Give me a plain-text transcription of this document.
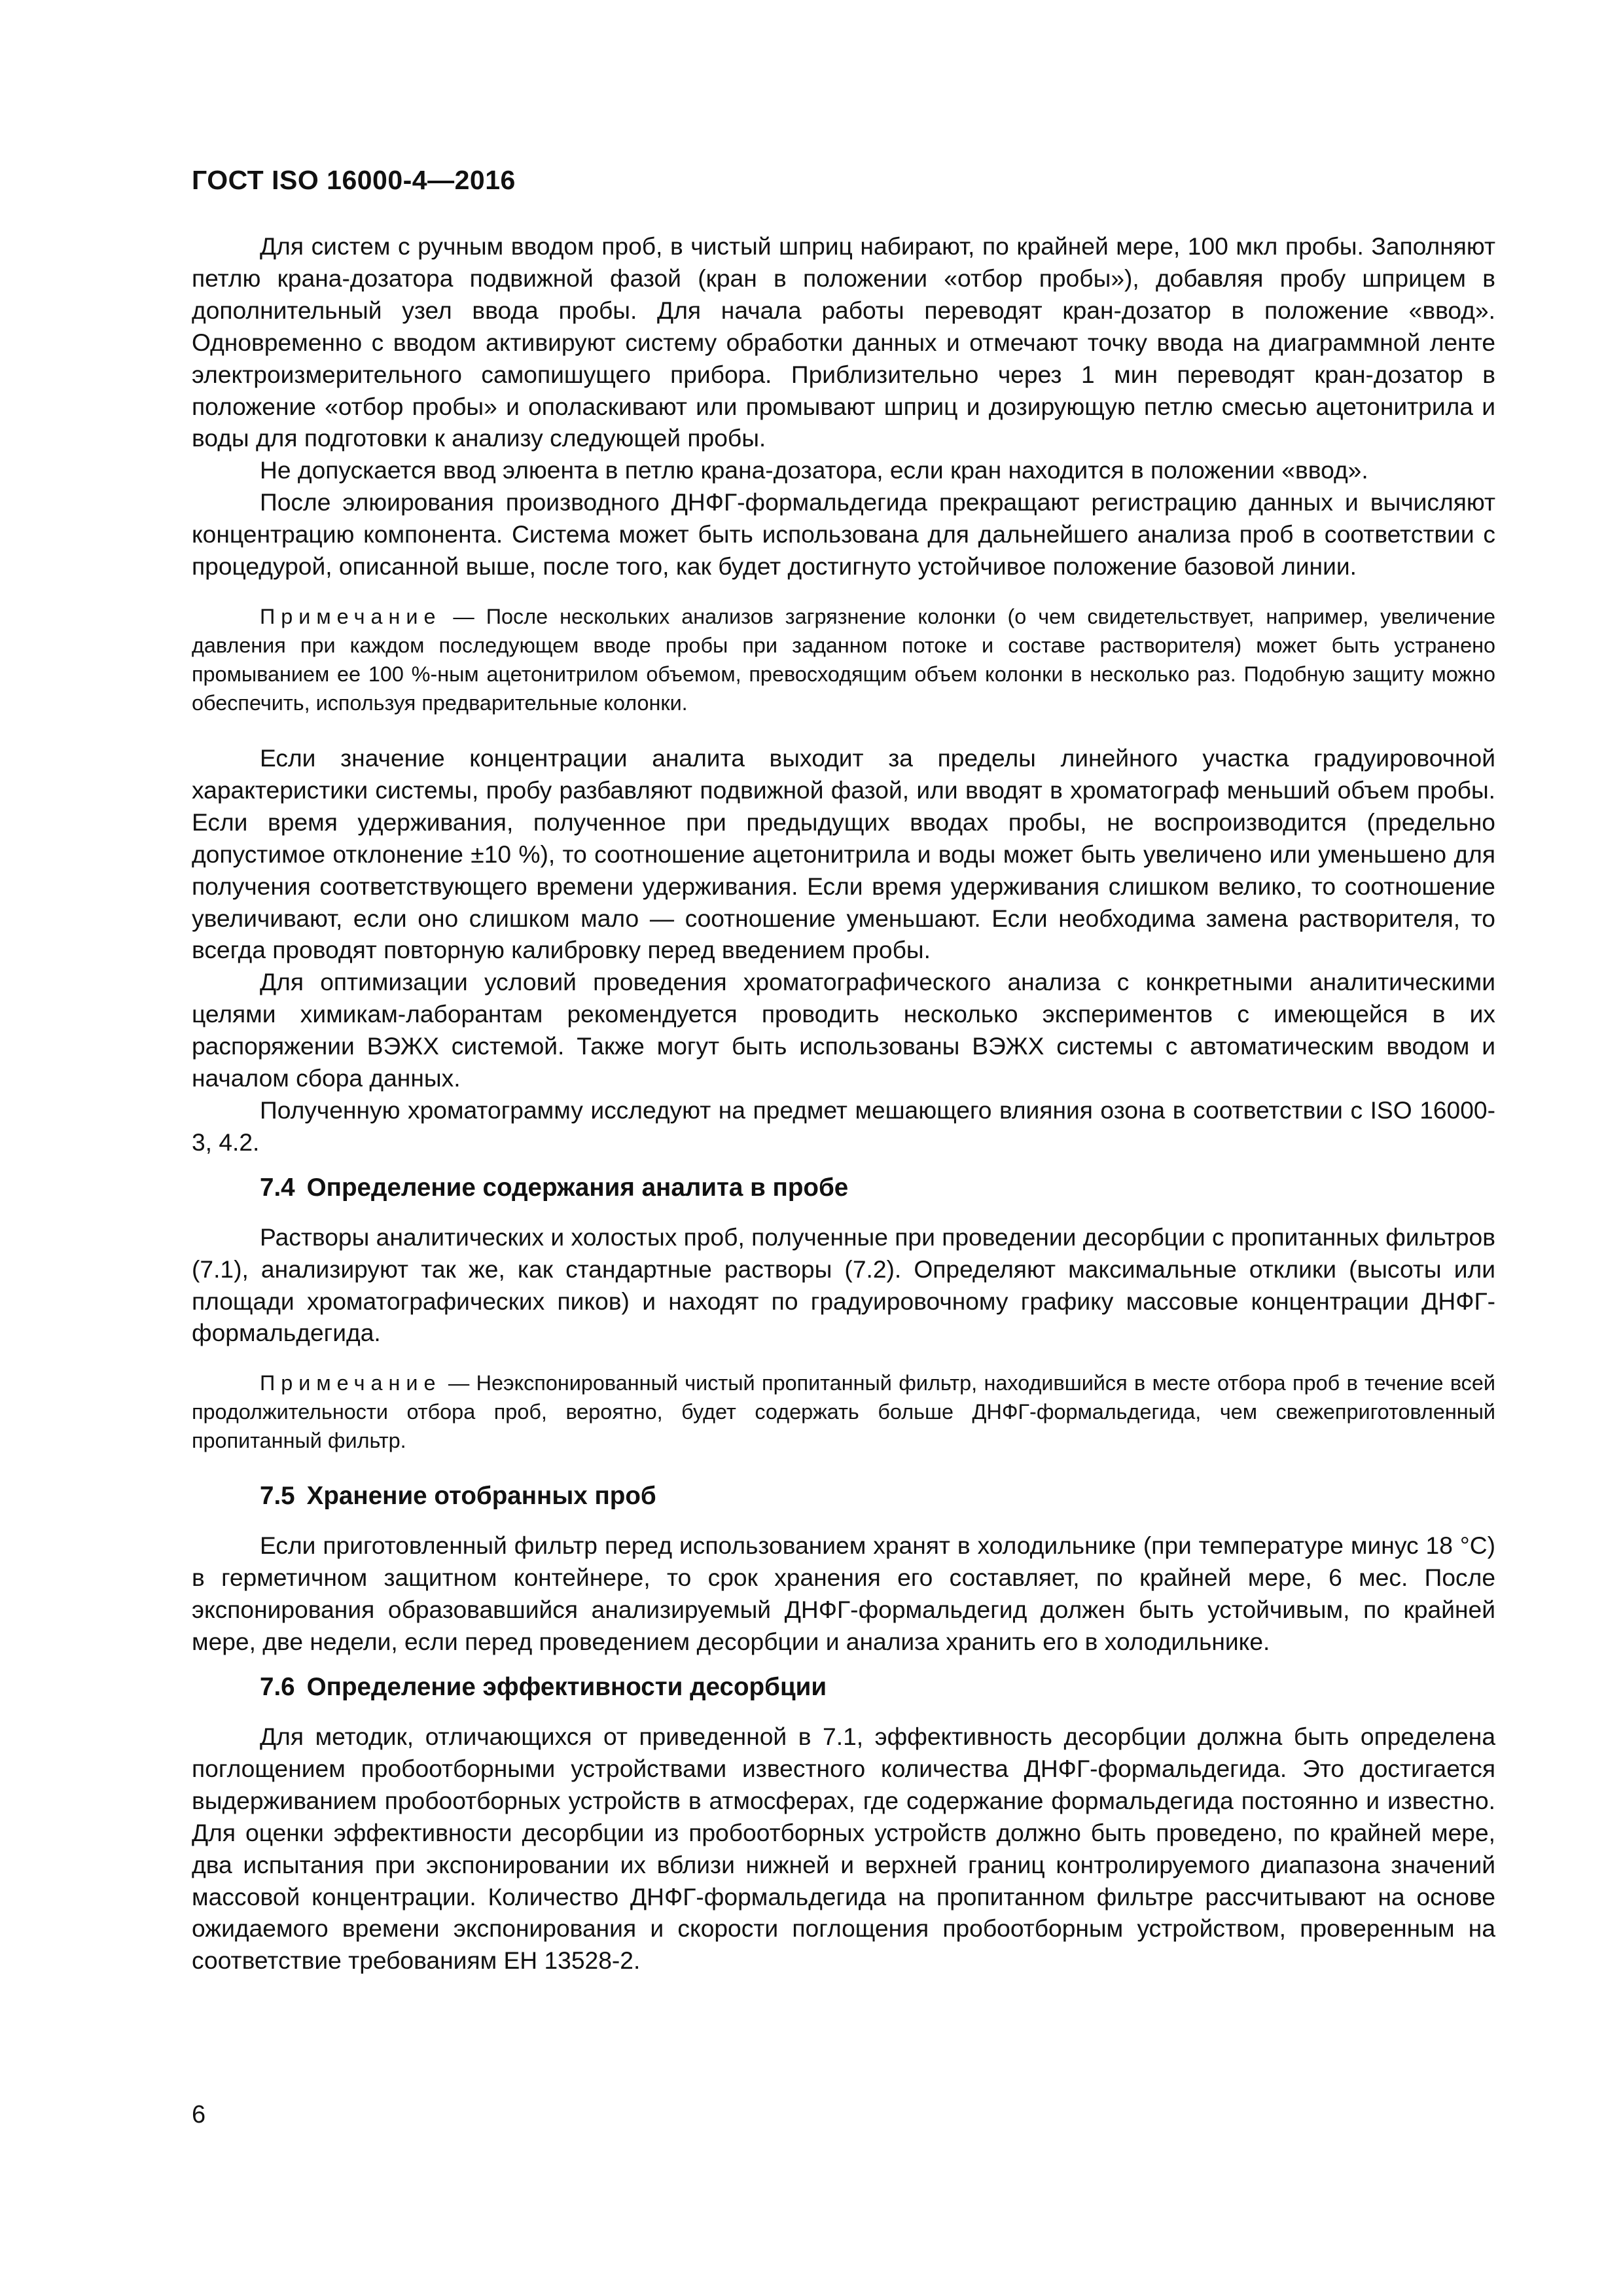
ГОСТ ISO 16000-4—2016

Для систем с ручным вводом проб, в чистый шприц набирают, по крайней мере, 100 мкл пробы. Заполняют петлю крана-дозатора подвижной фазой (кран в положении «отбор пробы»), добавляя пробу шприцем в дополнительный узел ввода пробы. Для начала работы переводят кран-дозатор в положение «ввод». Одновременно с вводом активируют систему обработки данных и отмечают точку ввода на диаграммной ленте электроизмерительного самопишущего прибора. Приблизительно через 1 мин переводят кран-дозатор в положение «отбор пробы» и ополаскивают или промывают шприц и дозирующую петлю смесью ацетонитрила и воды для подготовки к анализу следующей пробы.

Не допускается ввод элюента в петлю крана-дозатора, если кран находится в положении «ввод».

После элюирования производного ДНФГ-формальдегида прекращают регистрацию данных и вычисляют концентрацию компонента. Система может быть использована для дальнейшего анализа проб в соответствии с процедурой, описанной выше, после того, как будет достигнуто устойчивое положение базовой линии.

Примечание — После нескольких анализов загрязнение колонки (о чем свидетельствует, например, увеличение давления при каждом последующем вводе пробы при заданном потоке и составе растворителя) может быть устранено промыванием ее 100 %-ным ацетонитрилом объемом, превосходящим объем колонки в несколько раз. Подобную защиту можно обеспечить, используя предварительные колонки.

Если значение концентрации аналита выходит за пределы линейного участка градуировочной характеристики системы, пробу разбавляют подвижной фазой, или вводят в хроматограф меньший объем пробы. Если время удерживания, полученное при предыдущих вводах пробы, не воспроизводится (предельно допустимое отклонение ±10 %), то соотношение ацетонитрила и воды может быть увеличено или уменьшено для получения соответствующего времени удерживания. Если время удерживания слишком велико, то соотношение увеличивают, если оно слишком мало — соотношение уменьшают. Если необходима замена растворителя, то всегда проводят повторную калибровку перед введением пробы.

Для оптимизации условий проведения хроматографического анализа с конкретными аналитическими целями химикам-лаборантам рекомендуется проводить несколько экспериментов с имеющейся в их распоряжении ВЭЖХ системой. Также могут быть использованы ВЭЖХ системы с автоматическим вводом и началом сбора данных.

Полученную хроматограмму исследуют на предмет мешающего влияния озона в соответствии с ISO 16000-3, 4.2.

7.4 Определение содержания аналита в пробе

Растворы аналитических и холостых проб, полученные при проведении десорбции с пропитанных фильтров (7.1), анализируют так же, как стандартные растворы (7.2). Определяют максимальные отклики (высоты или площади хроматографических пиков) и находят по градуировочному графику массовые концентрации ДНФГ-формальдегида.

Примечание — Неэкспонированный чистый пропитанный фильтр, находившийся в месте отбора проб в течение всей продолжительности отбора проб, вероятно, будет содержать больше ДНФГ-формальдегида, чем свежеприготовленный пропитанный фильтр.
7.5 Хранение отобранных проб

Если приготовленный фильтр перед использованием хранят в холодильнике (при температуре минус 18 °С) в герметичном защитном контейнере, то срок хранения его составляет, по крайней мере, 6 мес. После экспонирования образовавшийся анализируемый ДНФГ-формальдегид должен быть устойчивым, по крайней мере, две недели, если перед проведением десорбции и анализа хранить его в холодильнике.

7.6 Определение эффективности десорбции

Для методик, отличающихся от приведенной в 7.1, эффективность десорбции должна быть определена поглощением пробоотборными устройствами известного количества ДНФГ-формальдегида. Это достигается выдерживанием пробоотборных устройств в атмосферах, где содержание формальдегида постоянно и известно. Для оценки эффективности десорбции из пробоотборных устройств должно быть проведено, по крайней мере, два испытания при экспонировании их вблизи нижней и верхней границ контролируемого диапазона значений массовой концентрации. Количество ДНФГ-формальдегида на пропитанном фильтре рассчитывают на основе ожидаемого времени экспонирования и скорости поглощения пробоотборным устройством, проверенным на соответствие требованиям ЕН 13528-2.

6
